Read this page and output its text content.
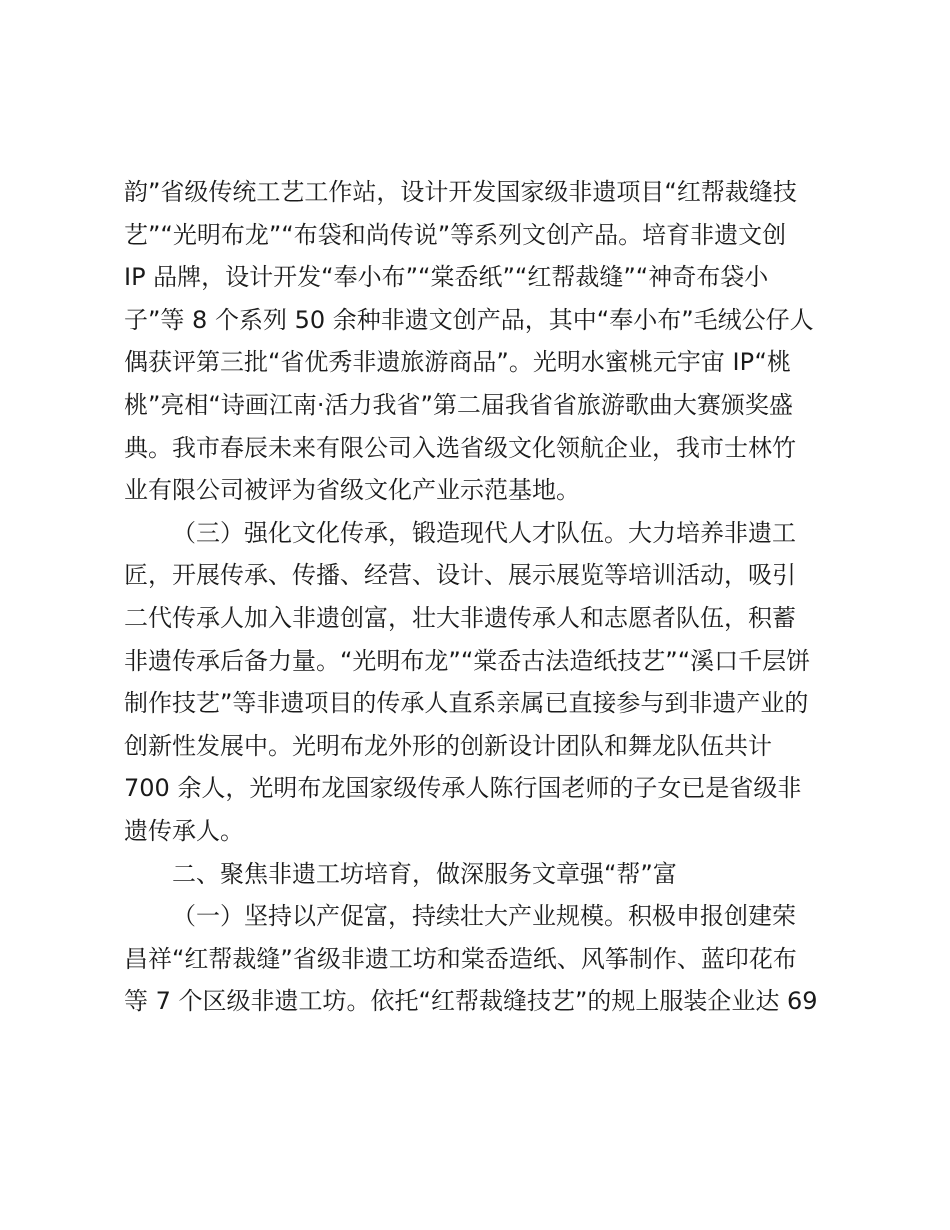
韵”省级传统工艺工作站，设计开发国家级非遗项目“红帮裁缝技
艺”“光明布龙”“布袋和尚传说”等系列文创产品。培育非遗文创
IP 品牌，设计开发“奉小布”“棠岙纸”“红帮裁缝”“神奇布袋小
子”等 8 个系列 50 余种非遗文创产品，其中“奉小布”毛绒公仔人
偶获评第三批“省优秀非遗旅游商品”。光明水蜜桃元宇宙 IP“桃
桃”亮相“诗画江南·活力我省”第二届我省省旅游歌曲大赛颁奖盛
典。我市春辰未来有限公司入选省级文化领航企业，我市士林竹
业有限公司被评为省级文化产业示范基地。
（三）强化文化传承，锻造现代人才队伍。大力培养非遗工
匠，开展传承、传播、经营、设计、展示展览等培训活动，吸引
二代传承人加入非遗创富，壮大非遗传承人和志愿者队伍，积蓄
非遗传承后备力量。“光明布龙”“棠岙古法造纸技艺”“溪口千层饼
制作技艺”等非遗项目的传承人直系亲属已直接参与到非遗产业的
创新性发展中。光明布龙外形的创新设计团队和舞龙队伍共计
700 余人，光明布龙国家级传承人陈行国老师的子女已是省级非
遗传承人。
二、聚焦非遗工坊培育，做深服务文章强“帮”富
（一）坚持以产促富，持续壮大产业规模。积极申报创建荣
昌祥“红帮裁缝”省级非遗工坊和棠岙造纸、风筝制作、蓝印花布
等 7 个区级非遗工坊。依托“红帮裁缝技艺”的规上服装企业达 69
